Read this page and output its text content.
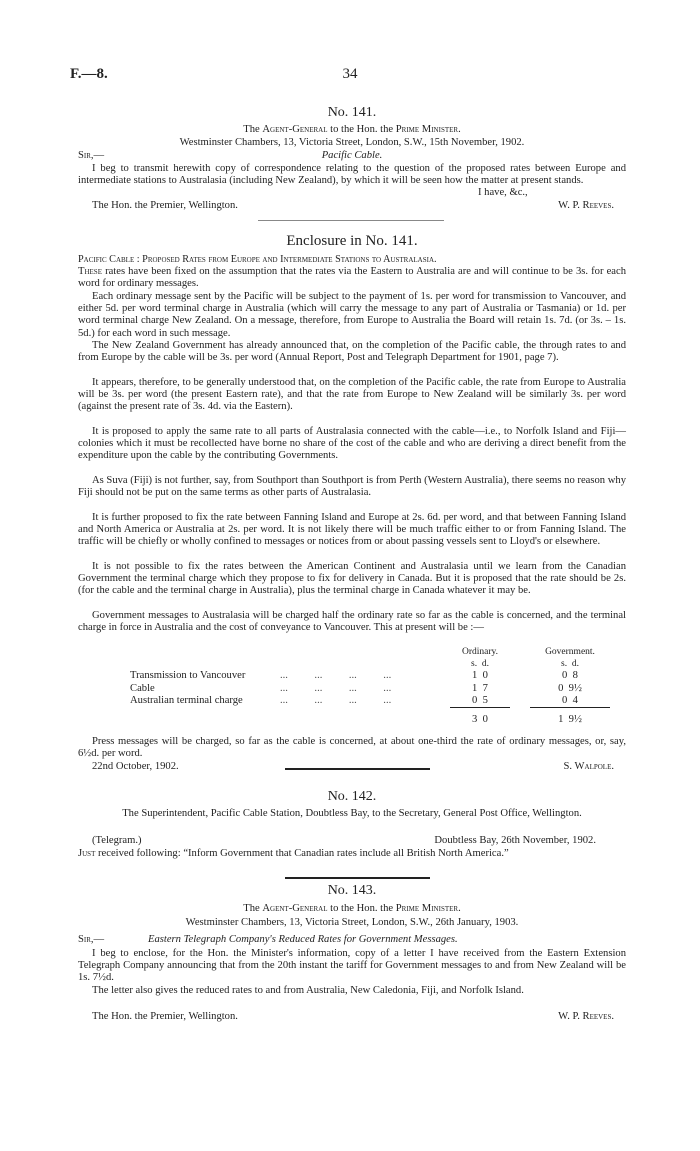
F.—8.	34
No. 141.
The Agent-General to the Hon. the Prime Minister.
Westminster Chambers, 13, Victoria Street, London, S.W., 15th November, 1902.
Sir,—	Pacific Cable.
I beg to transmit herewith copy of correspondence relating to the question of the proposed rates between Europe and intermediate stations to Australasia (including New Zealand), by which it will be seen how the matter at present stands.
I have, &c.,
The Hon. the Premier, Wellington.	W. P. Reeves.
Enclosure in No. 141.
Pacific Cable : Proposed Rates from Europe and Intermediate Stations to Australasia.
These rates have been fixed on the assumption that the rates via the Eastern to Australia are and will continue to be 3s. for each word for ordinary messages.
Each ordinary message sent by the Pacific will be subject to the payment of 1s. per word for transmission to Vancouver, and either 5d. per word terminal charge in Australia (which will carry the message to any part of Australia or Tasmania) or 1d. per word terminal charge New Zealand. On a message, therefore, from Europe to Australia the Board will retain 1s. 7d. (or 3s. – 1s. 5d.) for each word in such message.
The New Zealand Government has already announced that, on the completion of the Pacific cable, the through rates to and from Europe by the cable will be 3s. per word (Annual Report, Post and Telegraph Department for 1901, page 7).
It appears, therefore, to be generally understood that, on the completion of the Pacific cable, the rate from Europe to Australia will be 3s. per word (the present Eastern rate), and that the rate from Europe to New Zealand will be similarly 3s. per word (against the present rate of 3s. 4d. via the Eastern).
It is proposed to apply the same rate to all parts of Australasia connected with the cable—i.e., to Norfolk Island and Fiji—colonies which it must be recollected have borne no share of the cost of the cable and who are deriving a direct benefit from the expenditure upon the cable by the contributing Governments.
As Suva (Fiji) is not further, say, from Southport than Southport is from Perth (Western Australia), there seems no reason why Fiji should not be put on the same terms as other parts of Australasia.
It is further proposed to fix the rate between Fanning Island and Europe at 2s. 6d. per word, and that between Fanning Island and North America or Australia at 2s. per word. It is not likely there will be much traffic either to or from Fanning Island. The traffic will be chiefly or wholly confined to messages or notices from or about passing vessels sent to Lloyd's or elsewhere.
It is not possible to fix the rates between the American Continent and Australasia until we learn from the Canadian Government the terminal charge which they propose to fix for delivery in Canada. But it is proposed that the rate should be 2s. (for the cable and the terminal charge in Australia), plus the terminal charge in Canada whatever it may be.
Government messages to Australasia will be charged half the ordinary rate so far as the cable is concerned, and the terminal charge in force in Australia and the cost of conveyance to Vancouver. This at present will be :—
		Ordinary.		Government.
		s.  d.		s.  d.
Transmission to Vancouver	...          ...          ...          ...	1  0		0  8
Cable	...          ...          ...          ...	1  7		0  9½
Australian terminal charge	...          ...          ...          ...	0  5		0  4

		3  0		1  9½
Press messages will be charged, so far as the cable is concerned, at about one-third the rate of ordinary messages, or, say, 6½d. per word.
22nd October, 1902.	S. Walpole.
No. 142.
The Superintendent, Pacific Cable Station, Doubtless Bay, to the Secretary, General Post Office, Wellington.
(Telegram.)	Doubtless Bay, 26th November, 1902.
Just received following: “Inform Government that Canadian rates include all British North America.”
No. 143.
The Agent-General to the Hon. the Prime Minister.
Westminster Chambers, 13, Victoria Street, London, S.W., 26th January, 1903.
Sir,—	Eastern Telegraph Company's Reduced Rates for Government Messages.
I beg to enclose, for the Hon. the Minister's information, copy of a letter I have received from the Eastern Extension Telegraph Company announcing that from the 20th instant the tariff for Government messages to and from New Zealand will be 1s. 7½d.
The letter also gives the reduced rates to and from Australia, New Caledonia, Fiji, and Norfolk Island.
The Hon. the Premier, Wellington.	W. P. Reeves.
